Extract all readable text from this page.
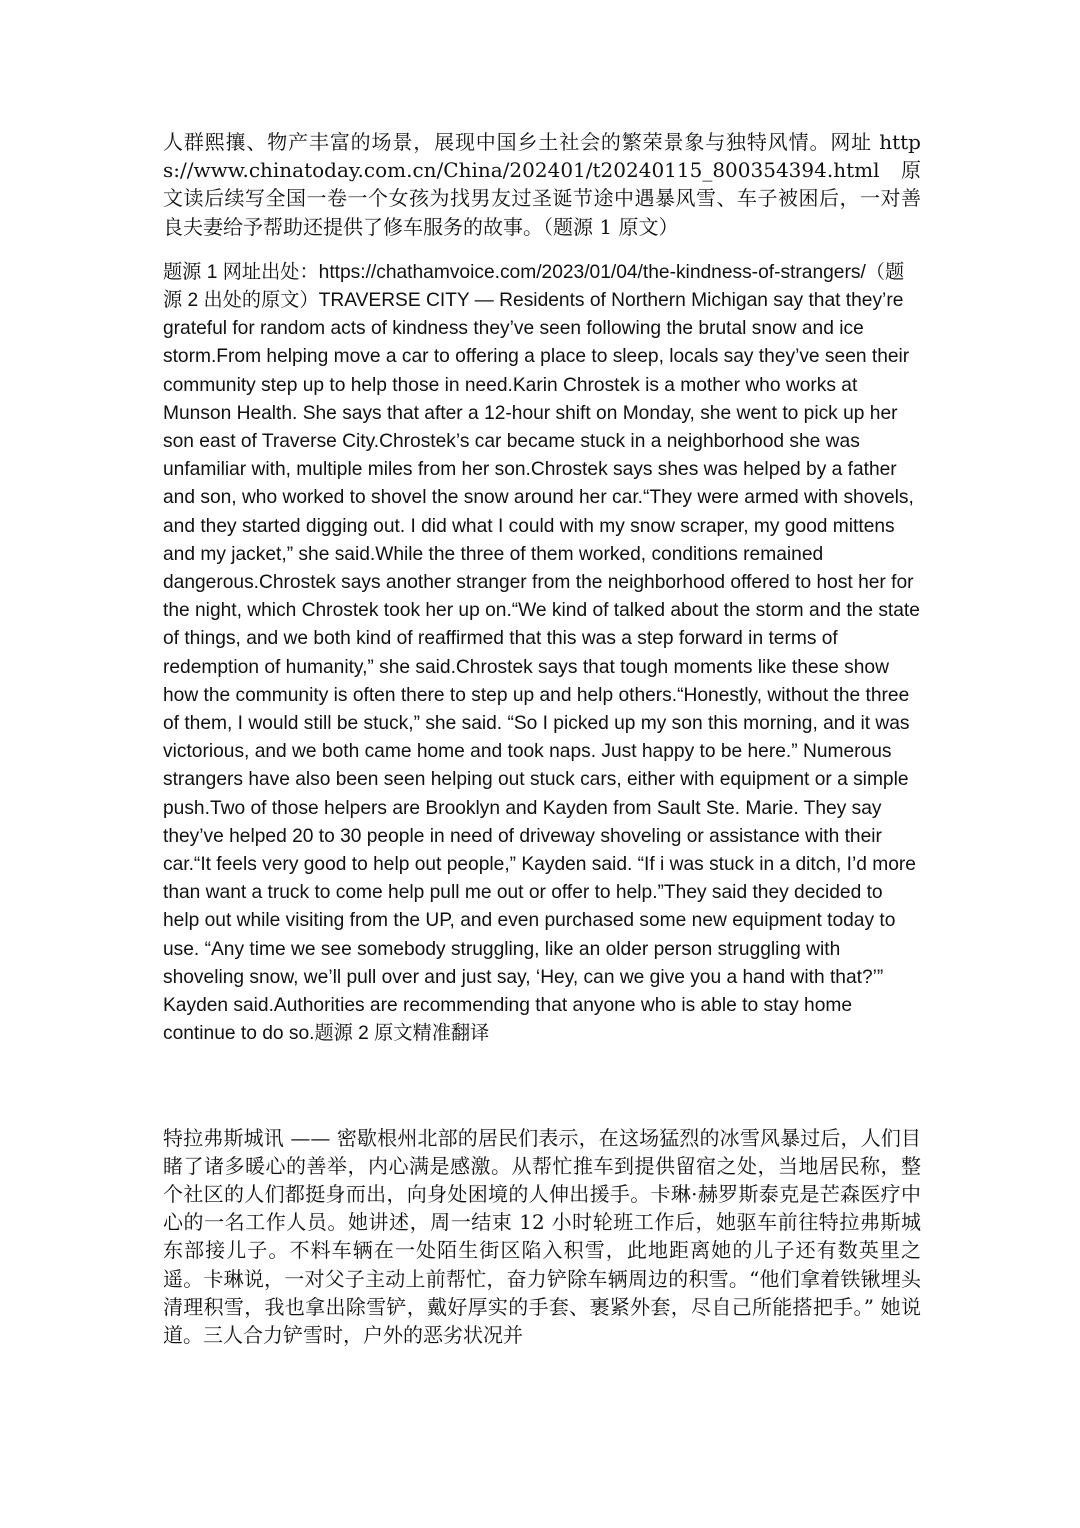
人群熙攘、物产丰富的场景，展现中国乡土社会的繁荣景象与独特风情。网址 https://www.chinatoday.com.cn/China/202401/t20240115_800354394.html 原文读后续写全国一卷一个女孩为找男友过圣诞节途中遇暴风雪、车子被困后，一对善良夫妻给予帮助还提供了修车服务的故事。（题源 1 原文）

题源 1 网址出处：https://chathamvoice.com/2023/01/04/the-kindness-of-strangers/（题源 2 出处的原文）TRAVERSE CITY — Residents of Northern Michigan say that they’re grateful for random acts of kindness they’ve seen following the brutal snow and ice storm.From helping move a car to offering a place to sleep, locals say they’ve seen their community step up to help those in need.Karin Chrostek is a mother who works at Munson Health. She says that after a 12-hour shift on Monday, she went to pick up her son east of Traverse City.Chrostek’s car became stuck in a neighborhood she was unfamiliar with, multiple miles from her son.Chrostek says shes was helped by a father and son, who worked to shovel the snow around her car.“They were armed with shovels, and they started digging out. I did what I could with my snow scraper, my good mittens and my jacket,” she said.While the three of them worked, conditions remained dangerous.Chrostek says another stranger from the neighborhood offered to host her for the night, which Chrostek took her up on.“We kind of talked about the storm and the state of things, and we both kind of reaffirmed that this was a step forward in terms of redemption of humanity,” she said.Chrostek says that tough moments like these show how the community is often there to step up and help others.“Honestly, without the three of them, I would still be stuck,” she said. “So I picked up my son this morning, and it was victorious, and we both came home and took naps. Just happy to be here.” Numerous strangers have also been seen helping out stuck cars, either with equipment or a simple push.Two of those helpers are Brooklyn and Kayden from Sault Ste. Marie. They say they’ve helped 20 to 30 people in need of driveway shoveling or assistance with their car.“It feels very good to help out people,” Kayden said. “If i was stuck in a ditch, I’d more than want a truck to come help pull me out or offer to help.”They said they decided to help out while visiting from the UP, and even purchased some new equipment today to use. “Any time we see somebody struggling, like an older person struggling with shoveling snow, we’ll pull over and just say, ‘Hey, can we give you a hand with that?’” Kayden said.Authorities are recommending that anyone who is able to stay home continue to do so.题源 2 原文精准翻译

特拉弗斯城讯 —— 密歇根州北部的居民们表示，在这场猛烈的冰雪风暴过后，人们目睹了诸多暖心的善举，内心满是感激。从帮忙推车到提供留宿之处，当地居民称，整个社区的人们都挺身而出，向身处困境的人伸出援手。卡琳·赫罗斯泰克是芒森医疗中心的一名工作人员。她讲述，周一结束 12 小时轮班工作后，她驱车前往特拉弗斯城东部接儿子。不料车辆在一处陌生街区陷入积雪，此地距离她的儿子还有数英里之遥。卡琳说，一对父子主动上前帮忙，奋力铲除车辆周边的积雪。“他们拿着铁锹埋头清理积雪，我也拿出除雪铲，戴好厚实的手套、裹紧外套，尽自己所能搭把手。” 她说道。三人合力铲雪时，户外的恶劣状况并
